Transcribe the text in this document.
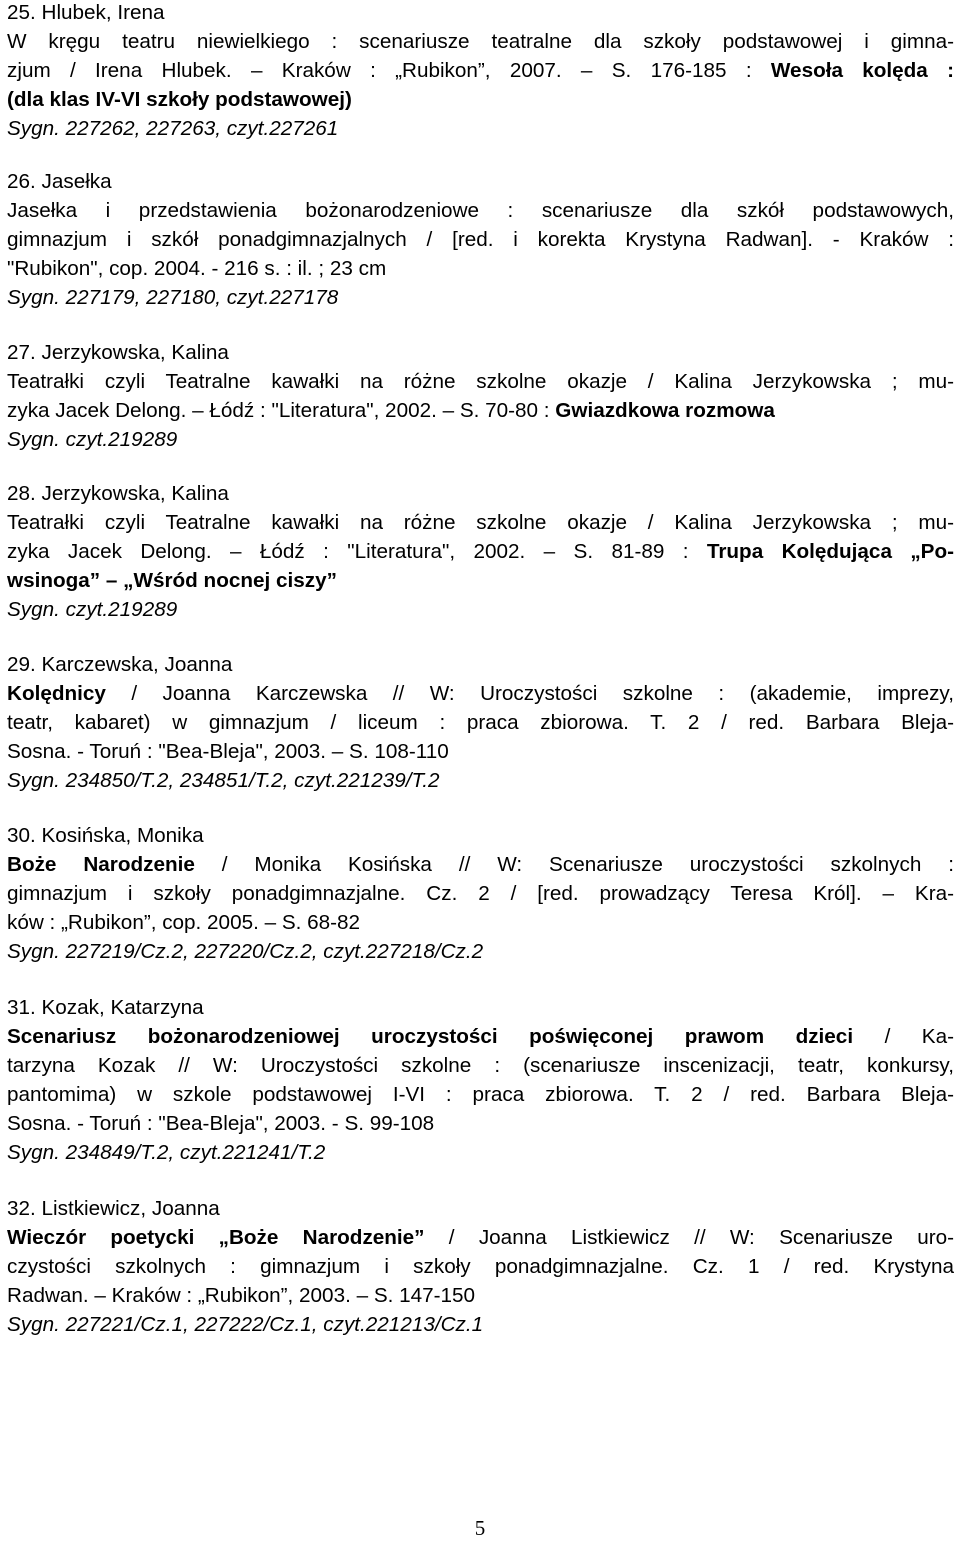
25. Hlubek, Irena
W kręgu teatru niewielkiego : scenariusze teatralne dla szkoły podstawowej i gimna-
zjum / Irena Hlubek. – Kraków : „Rubikon”, 2007. – S. 176-185 : Wesoła kolęda :
(dla klas IV-VI szkoły podstawowej)
Sygn. 227262, 227263, czyt.227261
26. Jasełka
Jasełka i przedstawienia bożonarodzeniowe : scenariusze dla szkół podstawowych,
gimnazjum i szkół ponadgimnazjalnych / [red. i korekta Krystyna Radwan]. - Kraków :
"Rubikon", cop. 2004. - 216 s. : il. ; 23 cm
Sygn. 227179, 227180, czyt.227178
27. Jerzykowska, Kalina
Teatrałki czyli Teatralne kawałki na różne szkolne okazje / Kalina Jerzykowska ; mu-
zyka Jacek Delong. – Łódź : "Literatura", 2002. – S. 70-80 : Gwiazdkowa rozmowa
Sygn. czyt.219289
28. Jerzykowska, Kalina
Teatrałki czyli Teatralne kawałki na różne szkolne okazje / Kalina Jerzykowska ; mu-
zyka Jacek Delong. – Łódź : "Literatura", 2002. – S. 81-89 : Trupa Kolędująca „Po-
wsinoga” – „Wśród nocnej ciszy”
Sygn. czyt.219289
29. Karczewska, Joanna
Kolędnicy / Joanna Karczewska // W: Uroczystości szkolne : (akademie, imprezy,
teatr, kabaret) w gimnazjum / liceum : praca zbiorowa. T. 2 / red. Barbara Bleja-
Sosna. - Toruń : "Bea-Bleja", 2003. – S. 108-110
Sygn. 234850/T.2, 234851/T.2, czyt.221239/T.2
30. Kosińska, Monika
Boże Narodzenie / Monika Kosińska // W: Scenariusze uroczystości szkolnych :
gimnazjum i szkoły ponadgimnazjalne. Cz. 2 / [red. prowadzący Teresa Król]. – Kra-
ków : „Rubikon”, cop. 2005. – S. 68-82
Sygn. 227219/Cz.2, 227220/Cz.2, czyt.227218/Cz.2
31. Kozak, Katarzyna
Scenariusz bożonarodzeniowej uroczystości poświęconej prawom dzieci / Ka-
tarzyna Kozak // W: Uroczystości szkolne : (scenariusze inscenizacji, teatr, konkursy,
pantomima) w szkole podstawowej I-VI : praca zbiorowa. T. 2 / red. Barbara Bleja-
Sosna. - Toruń : "Bea-Bleja", 2003. - S. 99-108
Sygn. 234849/T.2, czyt.221241/T.2
32. Listkiewicz, Joanna
Wieczór poetycki „Boże Narodzenie” / Joanna Listkiewicz // W: Scenariusze uro-
czystości szkolnych : gimnazjum i szkoły ponadgimnazjalne. Cz. 1 / red. Krystyna
Radwan. – Kraków : „Rubikon”, 2003. – S. 147-150
Sygn. 227221/Cz.1, 227222/Cz.1, czyt.221213/Cz.1
5
